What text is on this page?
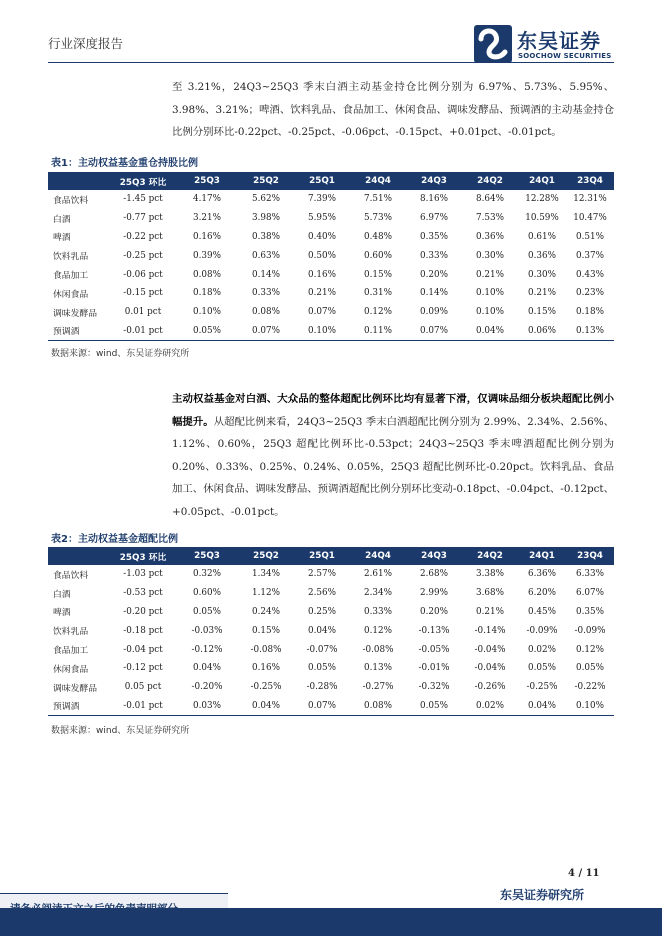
行业深度报告	东吴证券
SOOCHOW SECURITIES

至 3.21%，24Q3~25Q3 季末白酒主动基金持仓比例分别为 6.97%、5.73%、5.95%、3.98%、3.21%；啤酒、饮料乳品、食品加工、休闲食品、调味发酵品、预调酒的主动基金持仓比例分别环比-0.22pct、-0.25pct、-0.06pct、-0.15pct、+0.01pct、-0.01pct。

表1：主动权益基金重仓持股比例
	25Q3 环比	25Q3	25Q2	25Q1	24Q4	24Q3	24Q2	24Q1	23Q4
食品饮料	-1.45 pct	4.17%	5.62%	7.39%	7.51%	8.16%	8.64%	12.28%	12.31%
白酒	-0.77 pct	3.21%	3.98%	5.95%	5.73%	6.97%	7.53%	10.59%	10.47%
啤酒	-0.22 pct	0.16%	0.38%	0.40%	0.48%	0.35%	0.36%	0.61%	0.51%
饮料乳品	-0.25 pct	0.39%	0.63%	0.50%	0.60%	0.33%	0.30%	0.36%	0.37%
食品加工	-0.06 pct	0.08%	0.14%	0.16%	0.15%	0.20%	0.21%	0.30%	0.43%
休闲食品	-0.15 pct	0.18%	0.33%	0.21%	0.31%	0.14%	0.10%	0.21%	0.23%
调味发酵品	0.01 pct	0.10%	0.08%	0.07%	0.12%	0.09%	0.10%	0.15%	0.18%
预调酒	-0.01 pct	0.05%	0.07%	0.10%	0.11%	0.07%	0.04%	0.06%	0.13%
数据来源：wind、东吴证券研究所

主动权益基金对白酒、大众品的整体超配比例环比均有显著下滑，仅调味品细分板块超配比例小幅提升。从超配比例来看，24Q3~25Q3 季末白酒超配比例分别为 2.99%、2.34%、2.56%、1.12%、0.60%，25Q3 超配比例环比-0.53pct；24Q3~25Q3 季末啤酒超配比例分别为 0.20%、0.33%、0.25%、0.24%、0.05%，25Q3 超配比例环比-0.20pct。饮料乳品、食品加工、休闲食品、调味发酵品、预调酒超配比例分别环比变动-0.18pct、-0.04pct、-0.12pct、+0.05pct、-0.01pct。

表2：主动权益基金超配比例
	25Q3 环比	25Q3	25Q2	25Q1	24Q4	24Q3	24Q2	24Q1	23Q4
食品饮料	-1.03 pct	0.32%	1.34%	2.57%	2.61%	2.68%	3.38%	6.36%	6.33%
白酒	-0.53 pct	0.60%	1.12%	2.56%	2.34%	2.99%	3.68%	6.20%	6.07%
啤酒	-0.20 pct	0.05%	0.24%	0.25%	0.33%	0.20%	0.21%	0.45%	0.35%
饮料乳品	-0.18 pct	-0.03%	0.15%	0.04%	0.12%	-0.13%	-0.14%	-0.09%	-0.09%
食品加工	-0.04 pct	-0.12%	-0.08%	-0.07%	-0.08%	-0.05%	-0.04%	0.02%	0.12%
休闲食品	-0.12 pct	0.04%	0.16%	0.05%	0.13%	-0.01%	-0.04%	0.05%	0.05%
调味发酵品	0.05 pct	-0.20%	-0.25%	-0.28%	-0.27%	-0.32%	-0.26%	-0.25%	-0.22%
预调酒	-0.01 pct	0.03%	0.04%	0.07%	0.08%	0.05%	0.02%	0.04%	0.10%
数据来源：wind、东吴证券研究所
4 / 11
东吴证券研究所
